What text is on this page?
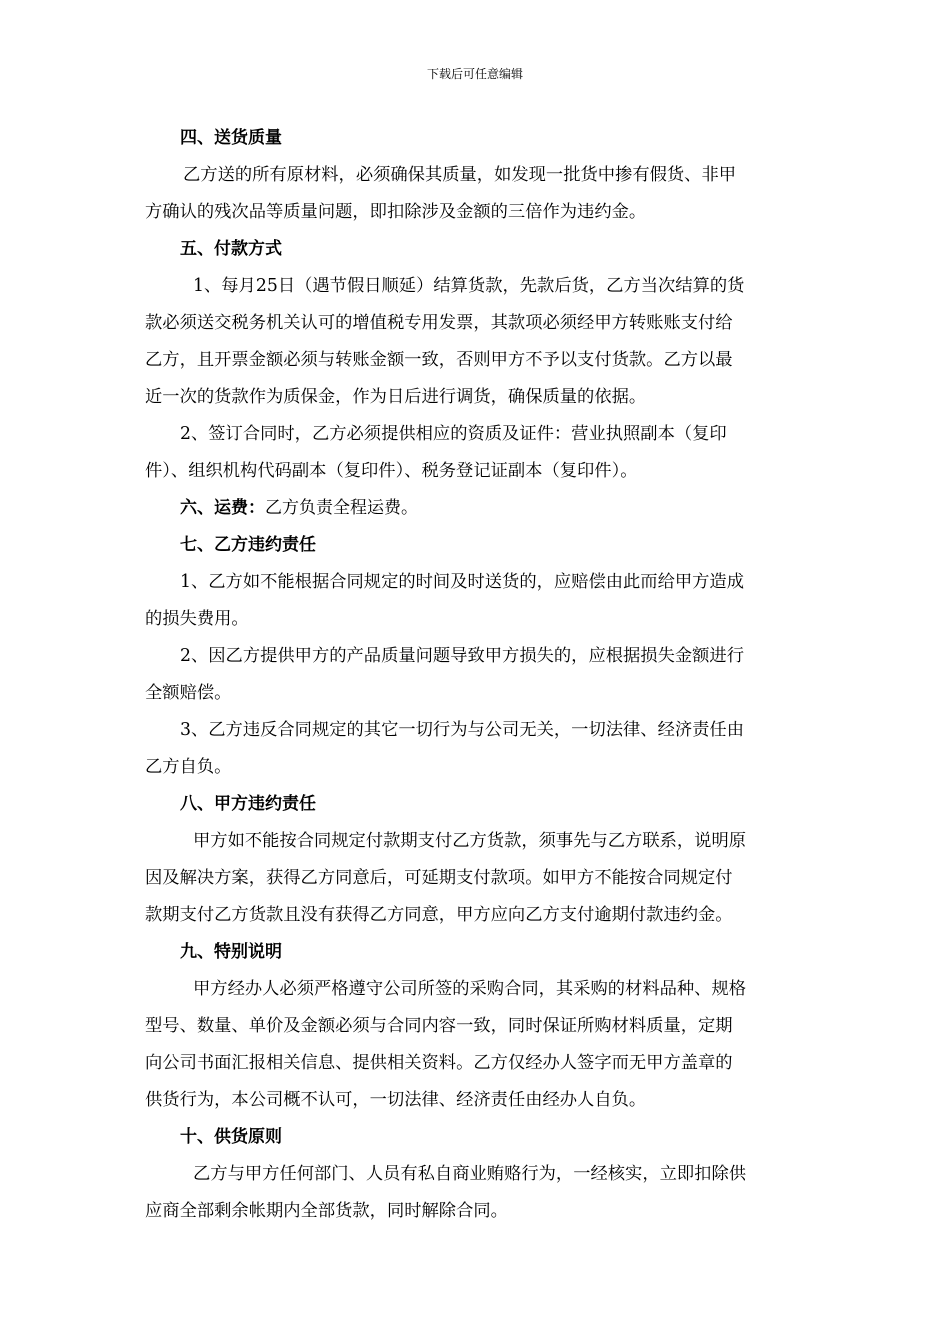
下载后可任意编辑
四、送货质量
乙方送的所有原材料，必须确保其质量，如发现一批货中掺有假货、非甲
方确认的残次品等质量问题，即扣除涉及金额的三倍作为违约金。
五、付款方式
1、每月25日（遇节假日顺延）结算货款，先款后货，乙方当次结算的货
款必须送交税务机关认可的增值税专用发票，其款项必须经甲方转账账支付给
乙方，且开票金额必须与转账金额一致，否则甲方不予以支付货款。乙方以最
近一次的货款作为质保金，作为日后进行调货，确保质量的依据。
2、签订合同时，乙方必须提供相应的资质及证件：营业执照副本（复印
件）、组织机构代码副本（复印件）、税务登记证副本（复印件）。
六、运费：乙方负责全程运费。
七、乙方违约责任
1、乙方如不能根据合同规定的时间及时送货的，应赔偿由此而给甲方造成
的损失费用。
2、因乙方提供甲方的产品质量问题导致甲方损失的，应根据损失金额进行
全额赔偿。
3、乙方违反合同规定的其它一切行为与公司无关，一切法律、经济责任由
乙方自负。
八、甲方违约责任
甲方如不能按合同规定付款期支付乙方货款，须事先与乙方联系，说明原
因及解决方案，获得乙方同意后，可延期支付款项。如甲方不能按合同规定付
款期支付乙方货款且没有获得乙方同意，甲方应向乙方支付逾期付款违约金。
九、特别说明
甲方经办人必须严格遵守公司所签的采购合同，其采购的材料品种、规格
型号、数量、单价及金额必须与合同内容一致，同时保证所购材料质量，定期
向公司书面汇报相关信息、提供相关资料。乙方仅经办人签字而无甲方盖章的
供货行为，本公司概不认可，一切法律、经济责任由经办人自负。
十、供货原则
乙方与甲方任何部门、人员有私自商业贿赂行为，一经核实，立即扣除供
应商全部剩余帐期内全部货款，同时解除合同。
